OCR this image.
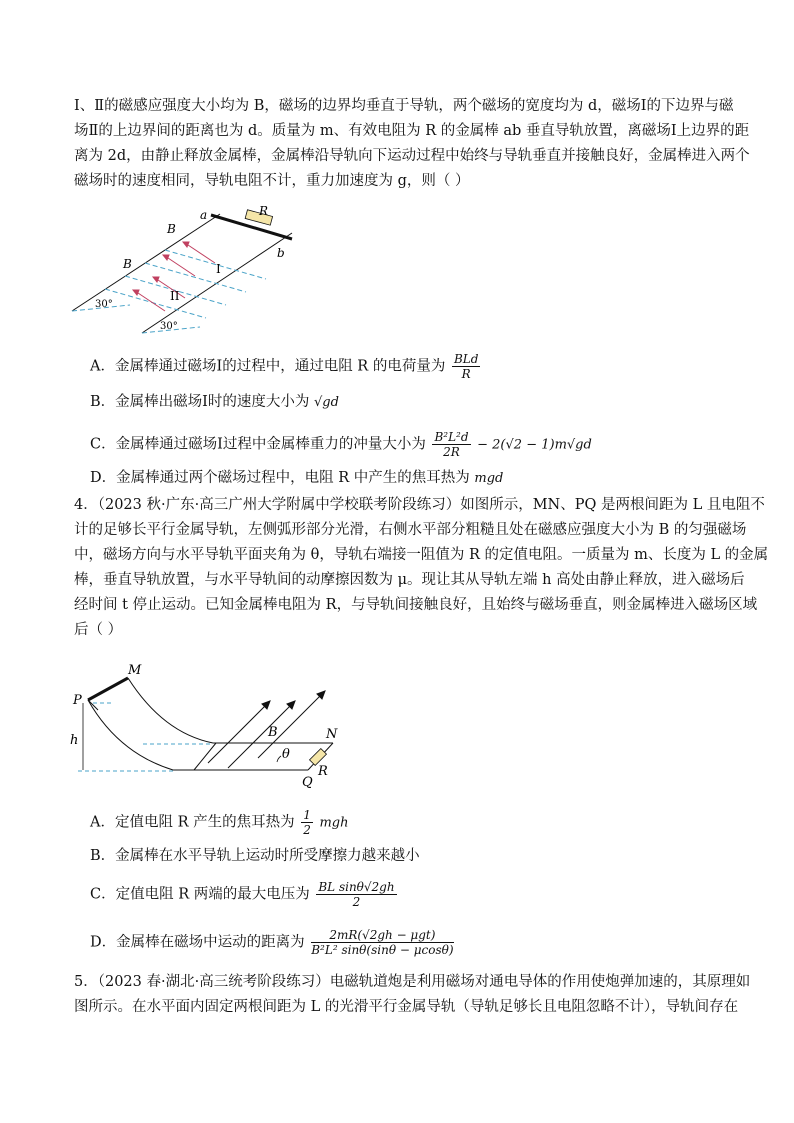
Ⅰ、Ⅱ的磁感应强度大小均为 B，磁场的边界均垂直于导轨，两个磁场的宽度均为 d，磁场Ⅰ的下边界与磁
场Ⅱ的上边界间的距离也为 d。质量为 m、有效电阻为 R 的金属棒 ab 垂直导轨放置，离磁场Ⅰ上边界的距
离为 2d，由静止释放金属棒，金属棒沿导轨向下运动过程中始终与导轨垂直并接触良好，金属棒进入两个
磁场时的速度相同，导轨电阻不计，重力加速度为 g，则（ ）
a
b
R
B
B	I
II
30°
30°
A．金属棒通过磁场Ⅰ的过程中，通过电阻 R 的电荷量为 $\frac{\text{BLd}}{R}$
B．金属棒出磁场Ⅰ时的速度大小为 √gd
C．金属棒通过磁场Ⅰ过程中金属棒重力的冲量大小为 $\frac{\text{B²L²d}}{2R} - 2(√2 - 1)m√gd$
D．金属棒通过两个磁场过程中，电阻 R 中产生的焦耳热为 mgd
4．（2023 秋·广东·高三广州大学附属中学校联考阶段练习）如图所示，MN、PQ 是两根间距为 L 且电阻不
计的足够长平行金属导轨，左侧弧形部分光滑，右侧水平部分粗糙且处在磁感应强度大小为 B 的匀强磁场
中，磁场方向与水平导轨平面夹角为 θ，导轨右端接一阻值为 R 的定值电阻。一质量为 m、长度为 L 的金属
棒，垂直导轨放置，与水平导轨间的动摩擦因数为 μ。现让其从导轨左端 h 高处由静止释放，进入磁场后
经时间 t 停止运动。已知金属棒电阻为 R，与导轨间接触良好，且始终与磁场垂直，则金属棒进入磁场区域
后（ ）
M
P
h
B
θ
N
R
Q
A．定值电阻 R 产生的焦耳热为 $\frac{1}{2}$ mgh
B．金属棒在水平导轨上运动时所受摩擦力越来越小
C．定值电阻 R 两端的最大电压为 $\frac{\text{BL sinθ√2gh}}{2}$
D．金属棒在磁场中运动的距离为 $\frac{\text{2mR(√2gh − μgt)}}{\text{B²L² sinθ(sinθ − μcosθ)}}$
5．（2023 春·湖北·高三统考阶段练习）电磁轨道炮是利用磁场对通电导体的作用使炮弹加速的，其原理如
图所示。在水平面内固定两根间距为 L 的光滑平行金属导轨（导轨足够长且电阻忽略不计），导轨间存在
